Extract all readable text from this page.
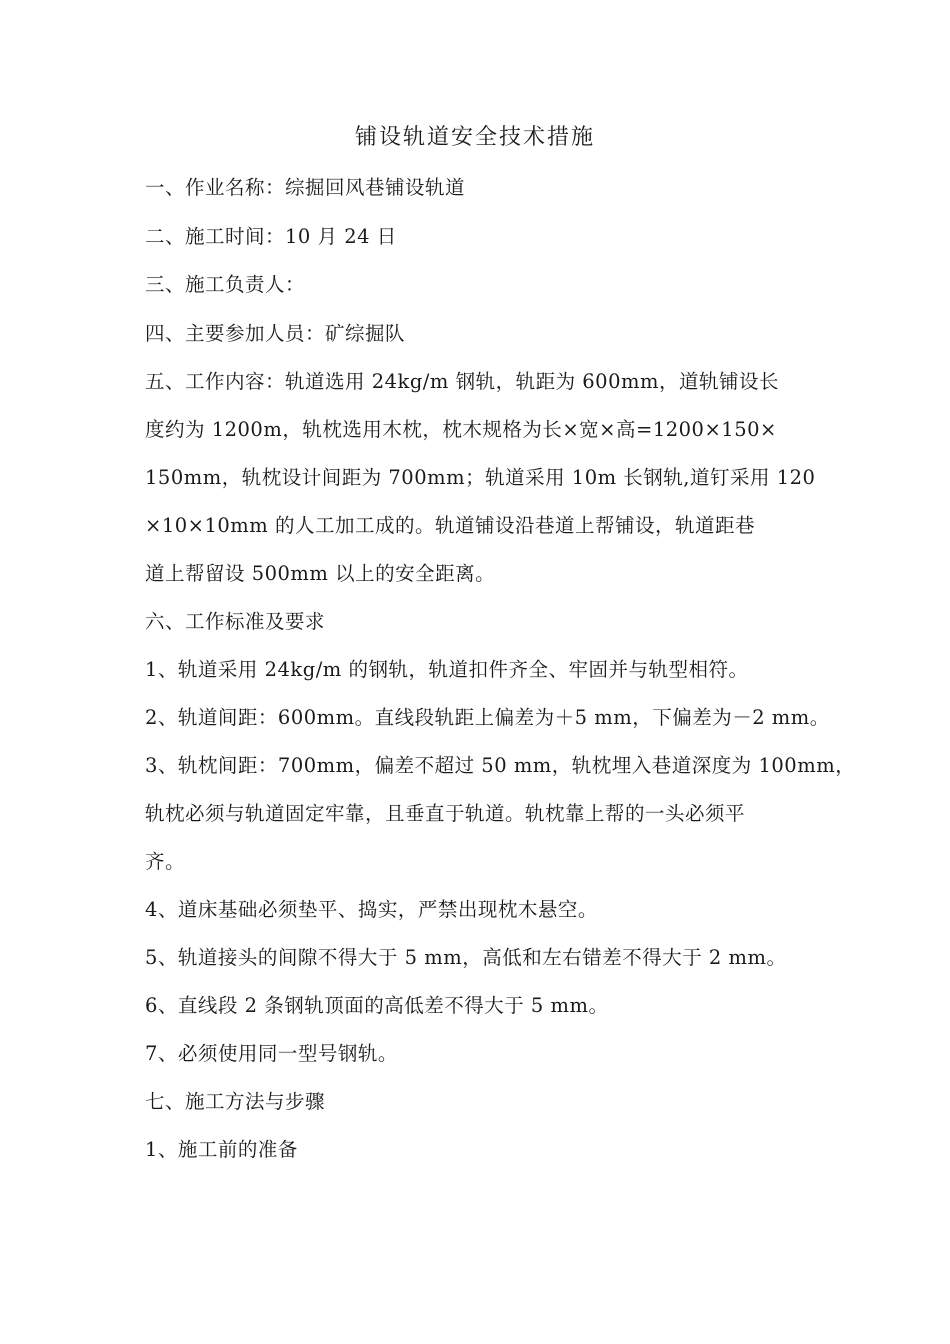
铺设轨道安全技术措施
一、作业名称：综掘回风巷铺设轨道
二、施工时间：10 月 24 日
三、施工负责人：
四、主要参加人员：矿综掘队
五、工作内容：轨道选用 24kg/m 钢轨，轨距为 600mm，道轨铺设长
度约为 1200m，轨枕选用木枕，枕木规格为长×宽×高=1200×150×
150mm，轨枕设计间距为 700mm；轨道采用 10m 长钢轨,道钉采用 120
×10×10mm 的人工加工成的。轨道铺设沿巷道上帮铺设，轨道距巷
道上帮留设 500mm 以上的安全距离。
六、工作标准及要求
1、轨道采用 24kg/m 的钢轨，轨道扣件齐全、牢固并与轨型相符。
2、轨道间距：600mm。直线段轨距上偏差为＋5 mm，下偏差为－2 mm。
3、轨枕间距：700mm，偏差不超过 50 mm，轨枕埋入巷道深度为 100mm，
轨枕必须与轨道固定牢靠，且垂直于轨道。轨枕靠上帮的一头必须平
齐。
4、道床基础必须垫平、捣实，严禁出现枕木悬空。
5、轨道接头的间隙不得大于 5 mm，高低和左右错差不得大于 2 mm。
6、直线段 2 条钢轨顶面的高低差不得大于 5 mm。
7、必须使用同一型号钢轨。
七、施工方法与步骤
1、施工前的准备
